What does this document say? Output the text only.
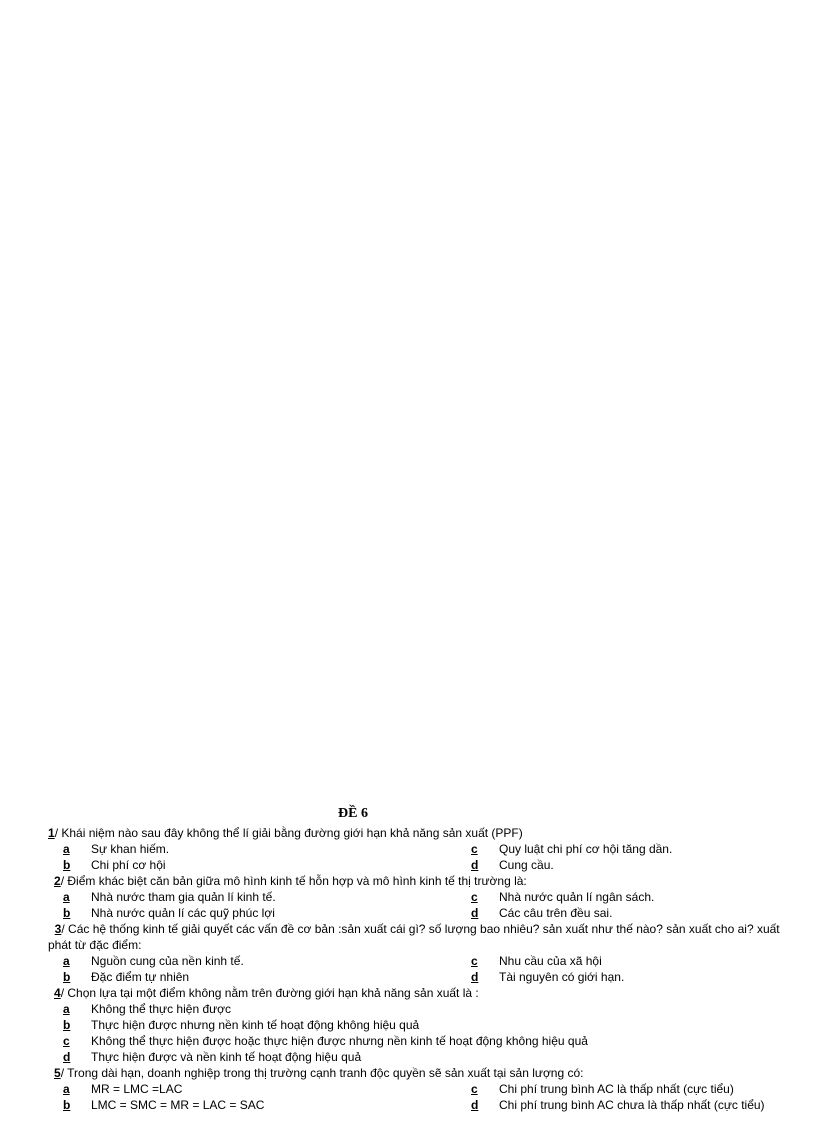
ĐỀ 6
1/ Khái niệm nào sau đây không thể lí giải bằng đường giới hạn khả năng sản xuất (PPF)
a	Sự khan hiếm.	c	Quy luật chi phí cơ hội tăng dần.
b	Chi phí cơ hội	d	Cung cầu.
2/ Điểm khác biệt căn bản giữa mô hình kinh tế hỗn hợp và mô hình kinh tế thị trường là:
a	Nhà nước tham gia quản lí kinh tế.	c	Nhà nước quản lí ngân sách.
b	Nhà nước quản lí các quỹ phúc lợi	d	Các câu trên đều sai.
3/ Các hệ thống kinh tế giải quyết các vấn đề cơ bản :sản xuất cái gì? số lượng bao nhiêu? sản xuất như thế nào? sản xuất cho ai? xuất phát từ đặc điểm:
a	Nguồn cung của nền kinh tế.	c	Nhu cầu của xã hội
b	Đặc điểm tự nhiên	d	Tài nguyên có giới hạn.
4/ Chọn lựa tại một điểm không nằm trên đường giới hạn khả năng sản xuất là :
a	Không thể thực hiện được
b	Thực hiện được nhưng nền kinh tế hoạt động không hiệu quả
c	Không thể thực hiện được hoặc thực hiện được nhưng nền kinh tế hoạt động không hiệu quả
d	Thực hiện được và nền kinh tế hoạt động hiệu quả
5/ Trong dài hạn, doanh nghiệp trong thị trường cạnh tranh độc quyền sẽ sản xuất tại sản lượng có:
a	MR = LMC =LAC	c	Chi phí trung bình AC là thấp nhất (cực tiểu)
b	LMC = SMC = MR = LAC = SAC	d	Chi phí trung bình AC chưa là thấp nhất (cực tiểu)
